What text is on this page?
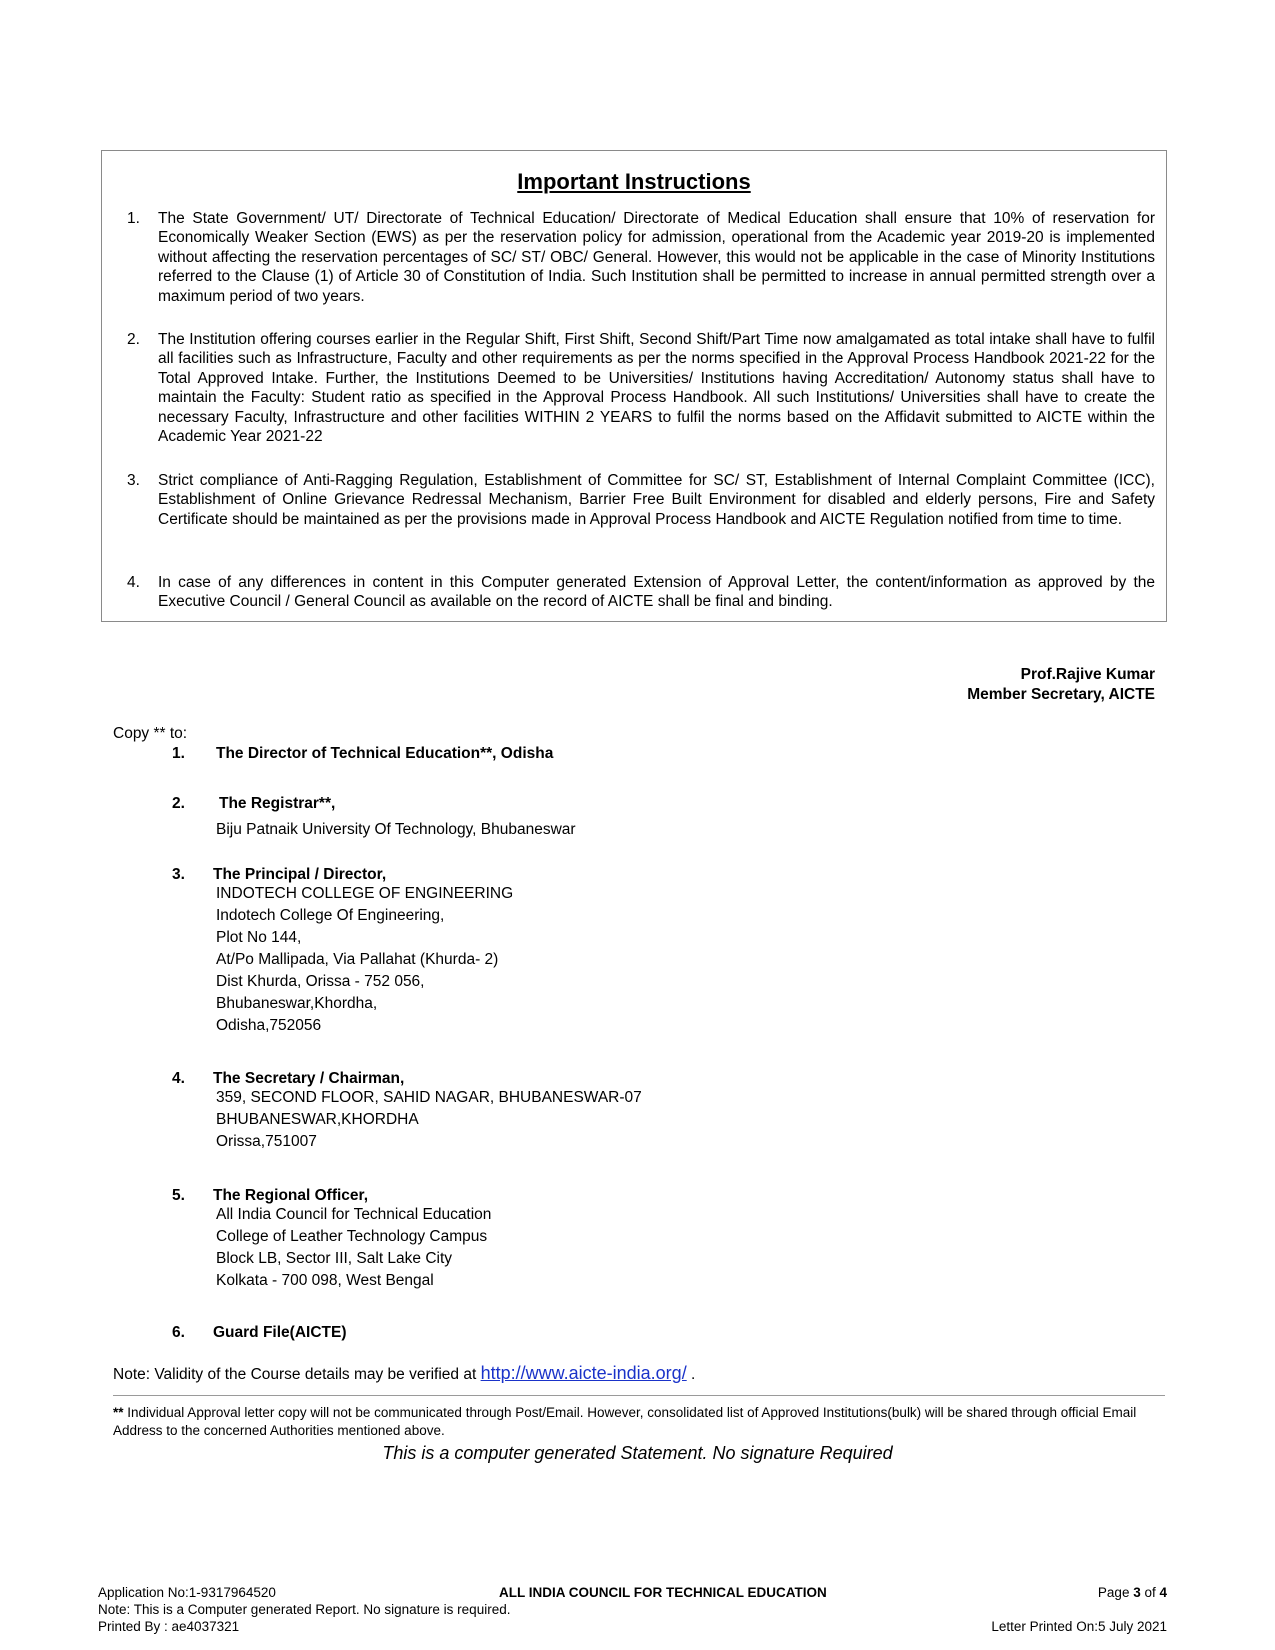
Important Instructions
1. The State Government/ UT/ Directorate of Technical Education/ Directorate of Medical Education shall ensure that 10% of reservation for Economically Weaker Section (EWS) as per the reservation policy for admission, operational from the Academic year 2019-20 is implemented without affecting the reservation percentages of SC/ ST/ OBC/ General. However, this would not be applicable in the case of Minority Institutions referred to the Clause (1) of Article 30 of Constitution of India. Such Institution shall be permitted to increase in annual permitted strength over a maximum period of two years.
2. The Institution offering courses earlier in the Regular Shift, First Shift, Second Shift/Part Time now amalgamated as total intake shall have to fulfil all facilities such as Infrastructure, Faculty and other requirements as per the norms specified in the Approval Process Handbook 2021-22 for the Total Approved Intake. Further, the Institutions Deemed to be Universities/ Institutions having Accreditation/ Autonomy status shall have to maintain the Faculty: Student ratio as specified in the Approval Process Handbook. All such Institutions/ Universities shall have to create the necessary Faculty, Infrastructure and other facilities WITHIN 2 YEARS to fulfil the norms based on the Affidavit submitted to AICTE within the Academic Year 2021-22
3. Strict compliance of Anti-Ragging Regulation, Establishment of Committee for SC/ ST, Establishment of Internal Complaint Committee (ICC), Establishment of Online Grievance Redressal Mechanism, Barrier Free Built Environment for disabled and elderly persons, Fire and Safety Certificate should be maintained as per the provisions made in Approval Process Handbook and AICTE Regulation notified from time to time.
4. In case of any differences in content in this Computer generated Extension of Approval Letter, the content/information as approved by the Executive Council / General Council as available on the record of AICTE shall be final and binding.
Prof.Rajive Kumar
Member Secretary, AICTE
Copy ** to:
1. The Director of Technical Education**, Odisha
2. The Registrar**,
Biju Patnaik University Of Technology, Bhubaneswar
3. The Principal / Director,
INDOTECH COLLEGE OF ENGINEERING
Indotech College Of Engineering,
Plot No 144,
At/Po Mallipada, Via Pallahat (Khurda- 2)
Dist Khurda, Orissa - 752 056,
Bhubaneswar,Khordha,
Odisha,752056
4. The Secretary / Chairman,
359, SECOND FLOOR, SAHID NAGAR, BHUBANESWAR-07
BHUBANESWAR,KHORDHA
Orissa,751007
5. The Regional Officer,
All India Council for Technical Education
College of Leather Technology Campus
Block LB, Sector III, Salt Lake City
Kolkata - 700 098, West Bengal
6. Guard File(AICTE)
Note: Validity of the Course details may be verified at http://www.aicte-india.org/ .
** Individual Approval letter copy will not be communicated through Post/Email. However, consolidated list of Approved Institutions(bulk) will be shared through official Email Address to the concerned Authorities mentioned above.
This is a computer generated Statement. No signature Required
Application No:1-9317964520	ALL INDIA COUNCIL FOR TECHNICAL EDUCATION	Page 3 of 4
Note: This is a Computer generated Report. No signature is required.
Printed By : ae4037321	Letter Printed On:5 July 2021
